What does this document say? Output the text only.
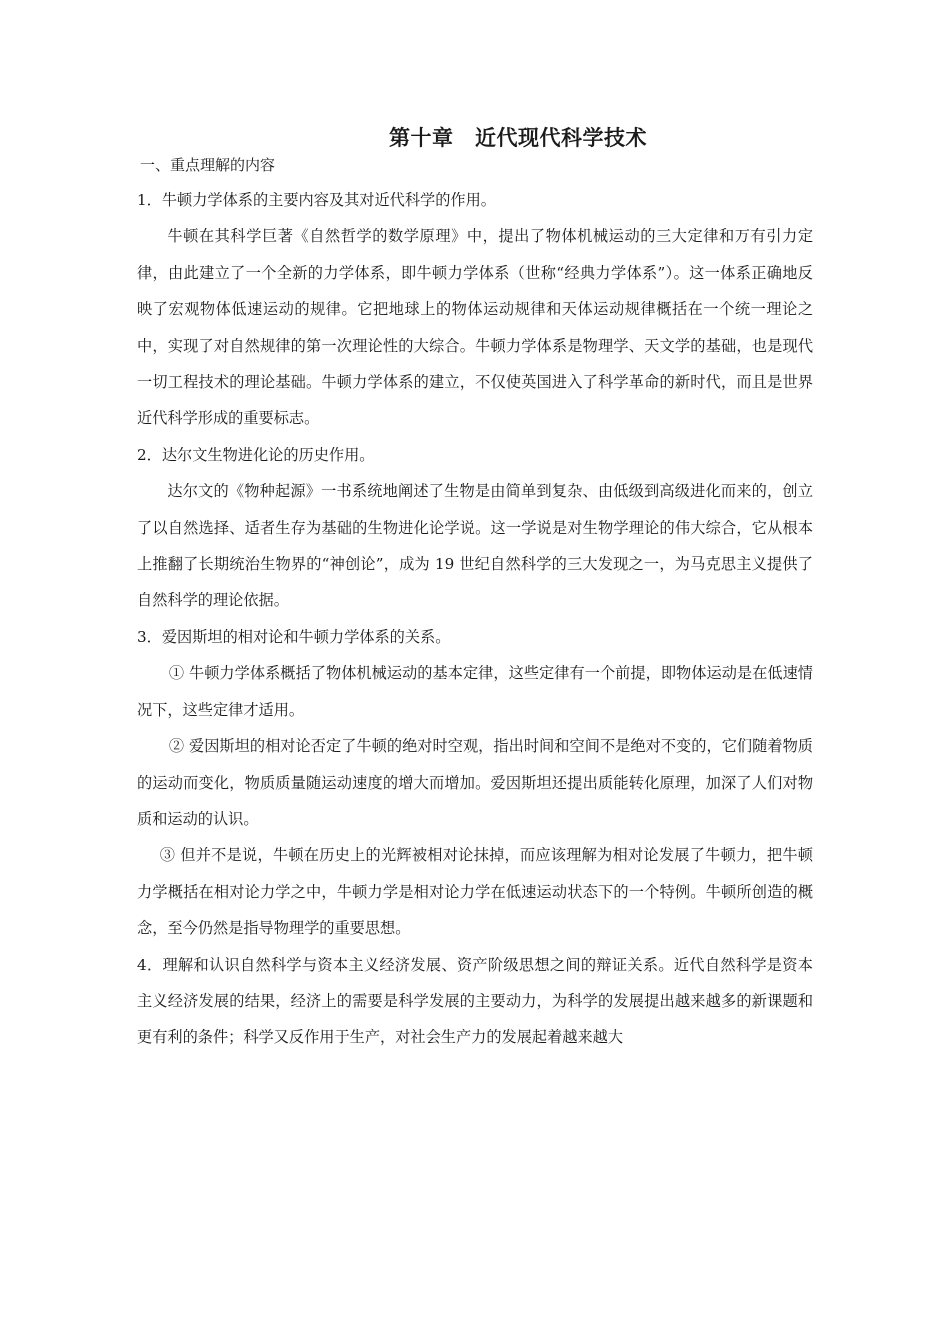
第十章　近代现代科学技术
一、重点理解的内容

1．牛顿力学体系的主要内容及其对近代科学的作用。

牛顿在其科学巨著《自然哲学的数学原理》中，提出了物体机械运动的三大定律和万有引力定律，由此建立了一个全新的力学体系，即牛顿力学体系（世称“经典力学体系”）。这一体系正确地反映了宏观物体低速运动的规律。它把地球上的物体运动规律和天体运动规律概括在一个统一理论之中，实现了对自然规律的第一次理论性的大综合。牛顿力学体系是物理学、天文学的基础，也是现代一切工程技术的理论基础。牛顿力学体系的建立，不仅使英国进入了科学革命的新时代，而且是世界近代科学形成的重要标志。

2．达尔文生物进化论的历史作用。

达尔文的《物种起源》一书系统地阐述了生物是由简单到复杂、由低级到高级进化而来的，创立了以自然选择、适者生存为基础的生物进化论学说。这一学说是对生物学理论的伟大综合，它从根本上推翻了长期统治生物界的“神创论”，成为 19 世纪自然科学的三大发现之一，为马克思主义提供了自然科学的理论依据。

3．爱因斯坦的相对论和牛顿力学体系的关系。

① 牛顿力学体系概括了物体机械运动的基本定律，这些定律有一个前提，即物体运动是在低速情况下，这些定律才适用。

② 爱因斯坦的相对论否定了牛顿的绝对时空观，指出时间和空间不是绝对不变的，它们随着物质的运动而变化，物质质量随运动速度的增大而增加。爱因斯坦还提出质能转化原理，加深了人们对物质和运动的认识。

③ 但并不是说，牛顿在历史上的光辉被相对论抹掉，而应该理解为相对论发展了牛顿力，把牛顿力学概括在相对论力学之中，牛顿力学是相对论力学在低速运动状态下的一个特例。牛顿所创造的概念，至今仍然是指导物理学的重要思想。

4．理解和认识自然科学与资本主义经济发展、资产阶级思想之间的辩证关系。近代自然科学是资本主义经济发展的结果，经济上的需要是科学发展的主要动力，为科学的发展提出越来越多的新课题和更有利的条件；科学又反作用于生产，对社会生产力的发展起着越来越大
